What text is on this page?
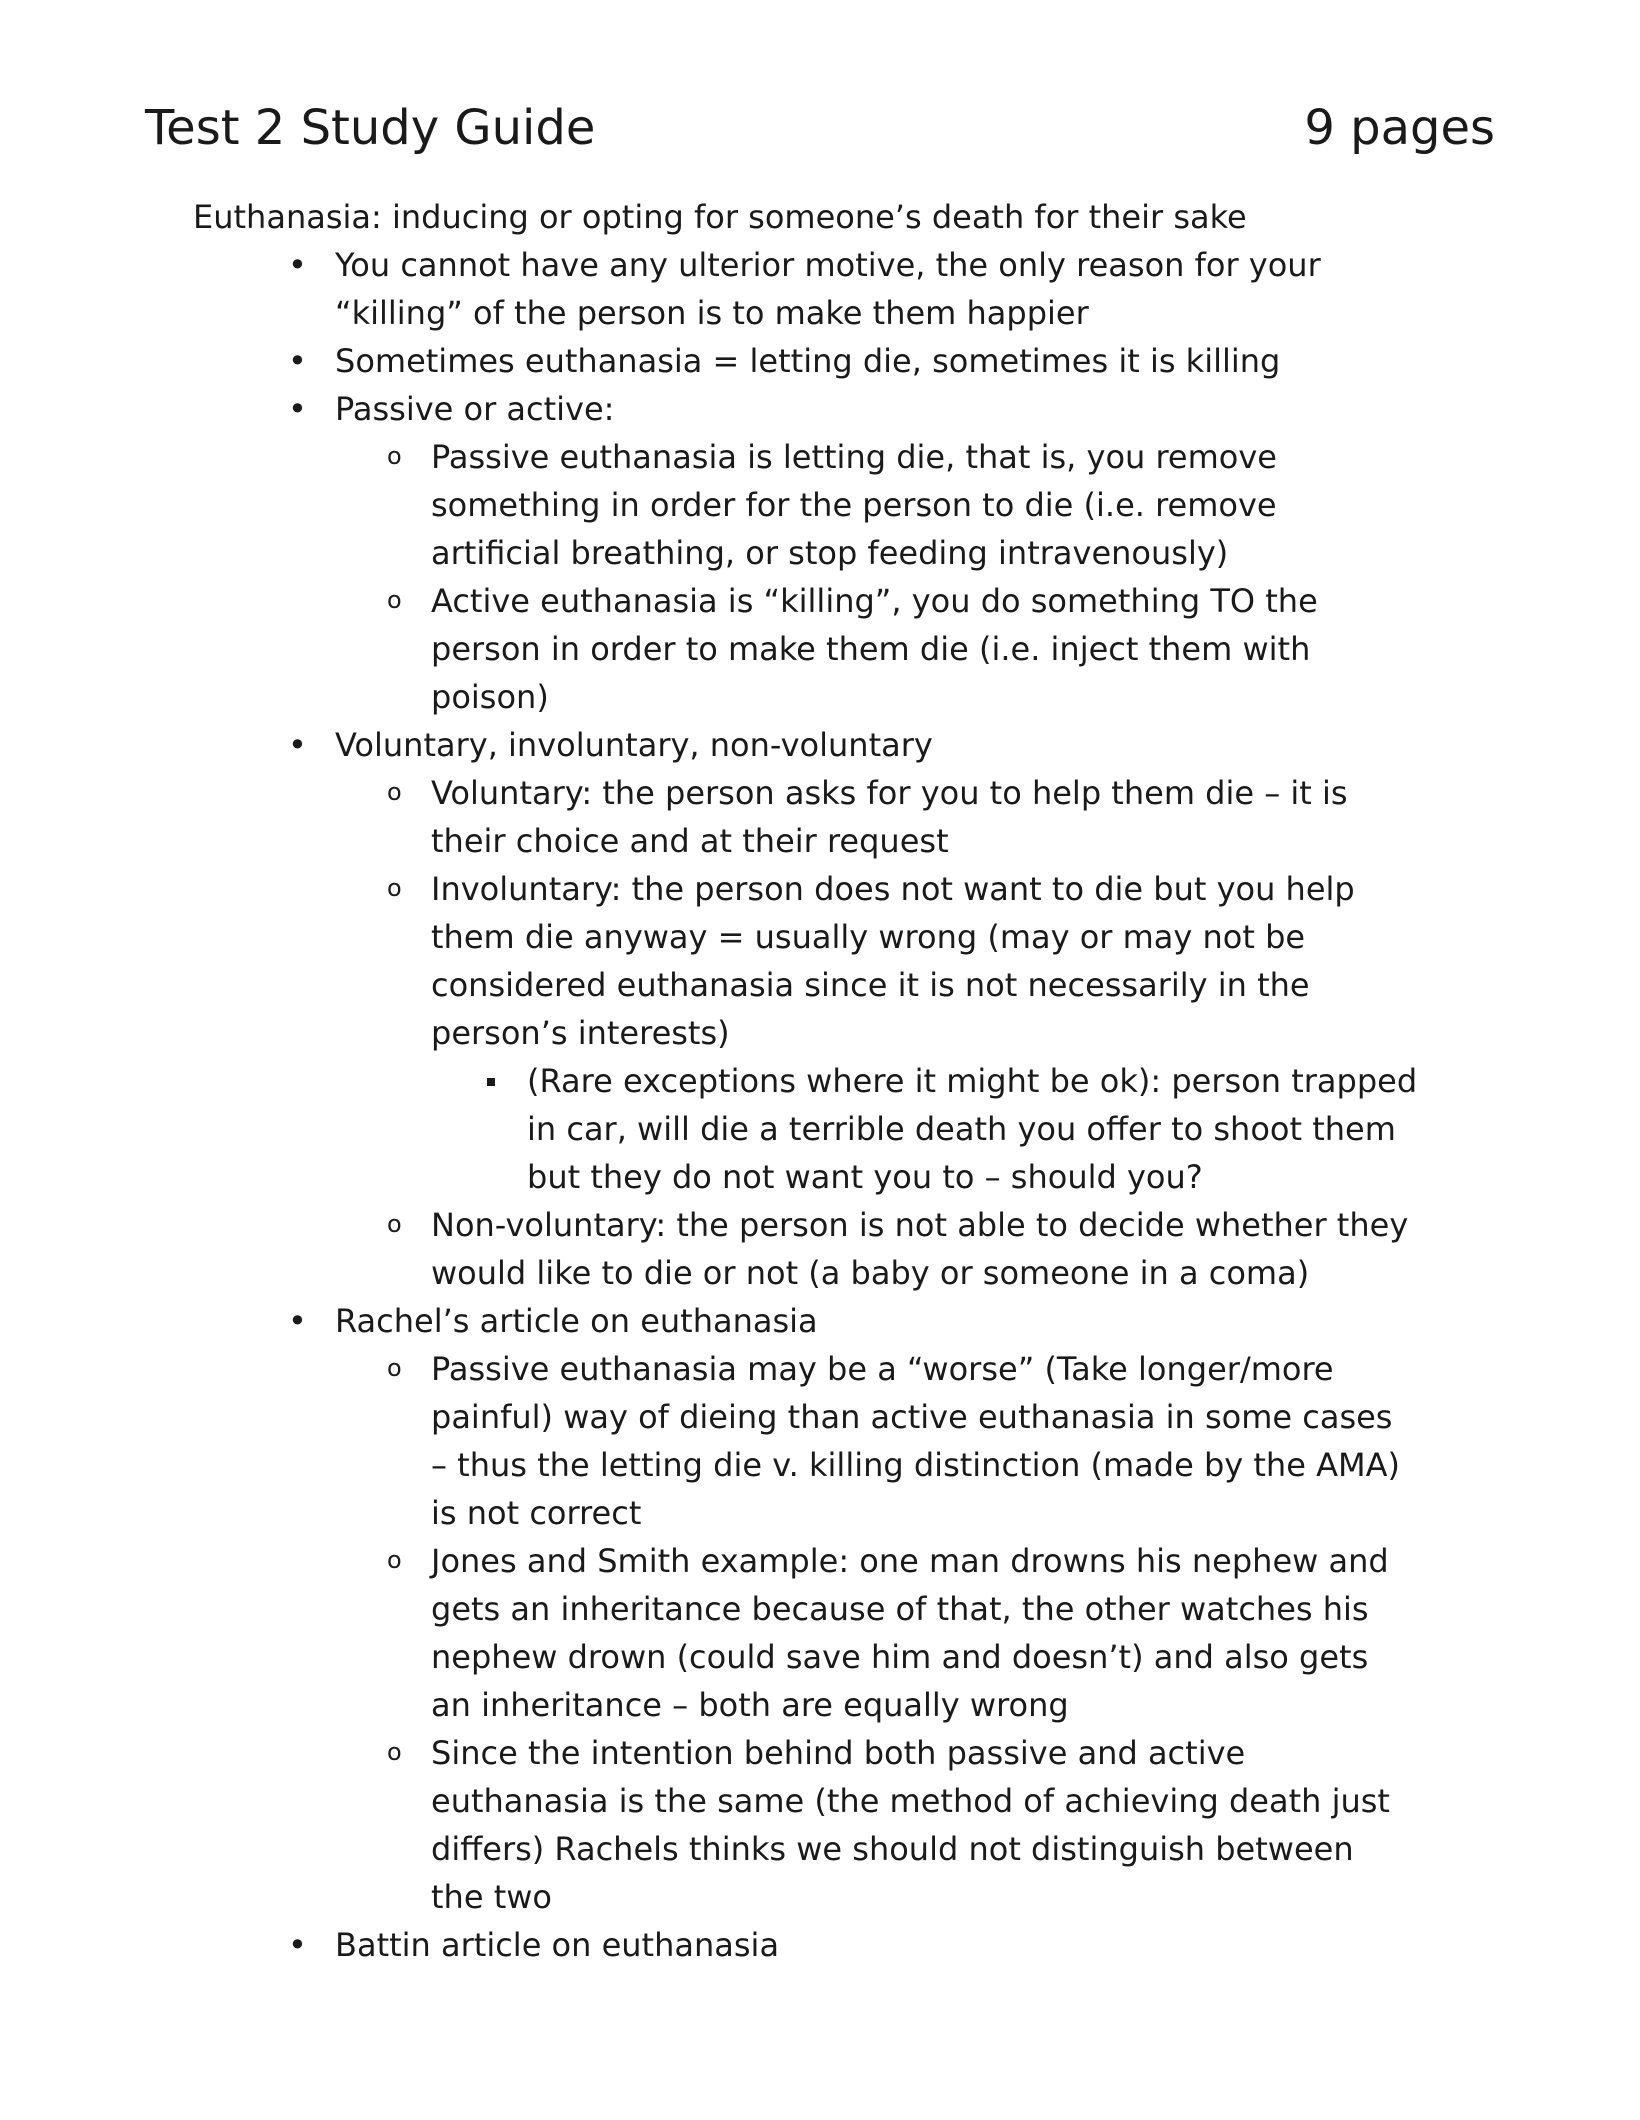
Test 2 Study Guide	9 pages

Euthanasia: inducing or opting for someone’s death for their sake

• You cannot have any ulterior motive, the only reason for your “killing” of the person is to make them happier
• Sometimes euthanasia = letting die, sometimes it is killing
• Passive or active:
o Passive euthanasia is letting die, that is, you remove something in order for the person to die (i.e. remove artificial breathing, or stop feeding intravenously)
o Active euthanasia is “killing”, you do something TO the person in order to make them die (i.e. inject them with poison)
• Voluntary, involuntary, non-voluntary
o Voluntary: the person asks for you to help them die – it is their choice and at their request
o Involuntary: the person does not want to die but you help them die anyway = usually wrong (may or may not be considered euthanasia since it is not necessarily in the person’s interests)
(Rare exceptions where it might be ok): person trapped in car, will die a terrible death you offer to shoot them but they do not want you to – should you?
o Non-voluntary: the person is not able to decide whether they would like to die or not (a baby or someone in a coma)
• Rachel’s article on euthanasia
o Passive euthanasia may be a “worse” (Take longer/more painful) way of dieing than active euthanasia in some cases – thus the letting die v. killing distinction (made by the AMA) is not correct
o Jones and Smith example: one man drowns his nephew and gets an inheritance because of that, the other watches his nephew drown (could save him and doesn’t) and also gets an inheritance – both are equally wrong
o Since the intention behind both passive and active euthanasia is the same (the method of achieving death just differs) Rachels thinks we should not distinguish between the two
• Battin article on euthanasia
